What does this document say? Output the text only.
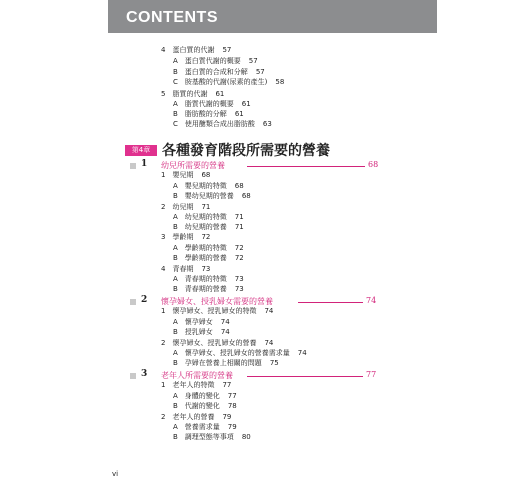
CONTENTS
4　蛋白質的代謝 57
A　蛋白質代謝的概要 57
B　蛋白質的合成和分解 57
C　胺基酸的代謝(尿素的產生) 58
5　脂質的代謝 61
A　脂質代謝的概要 61
B　脂肪酸的分解 61
C　使用醣類合成出脂肪酸 63
第4章 各種發育階段所需要的營養
1 幼兒所需要的營養	68
1　嬰兒期 68
A　嬰兒期的特徵 68
B　嬰幼兒期的營養 68
2　幼兒期 71
A　幼兒期的特徵 71
B　幼兒期的營養 71
3　學齡期 72
A　學齡期的特徵 72
B　學齡期的營養 72
4　青春期 73
A　青春期的特徵 73
B　青春期的營養 73
2 懷孕婦女、授乳婦女需要的營養	74
1　懷孕婦女、授乳婦女的特徵 74
A　懷孕婦女 74
B　授乳婦女 74
2　懷孕婦女、授乳婦女的營養 74
A　懷孕婦女、授乳婦女的營養需求量 74
B　孕婦在營養上相關的問題 75
3 老年人所需要的營養	77
1　老年人的特徵 77
A　身體的變化 77
B　代謝的變化 78
2　老年人的營養 79
A　營養需求量 79
B　調理型態等事項 80
vi
